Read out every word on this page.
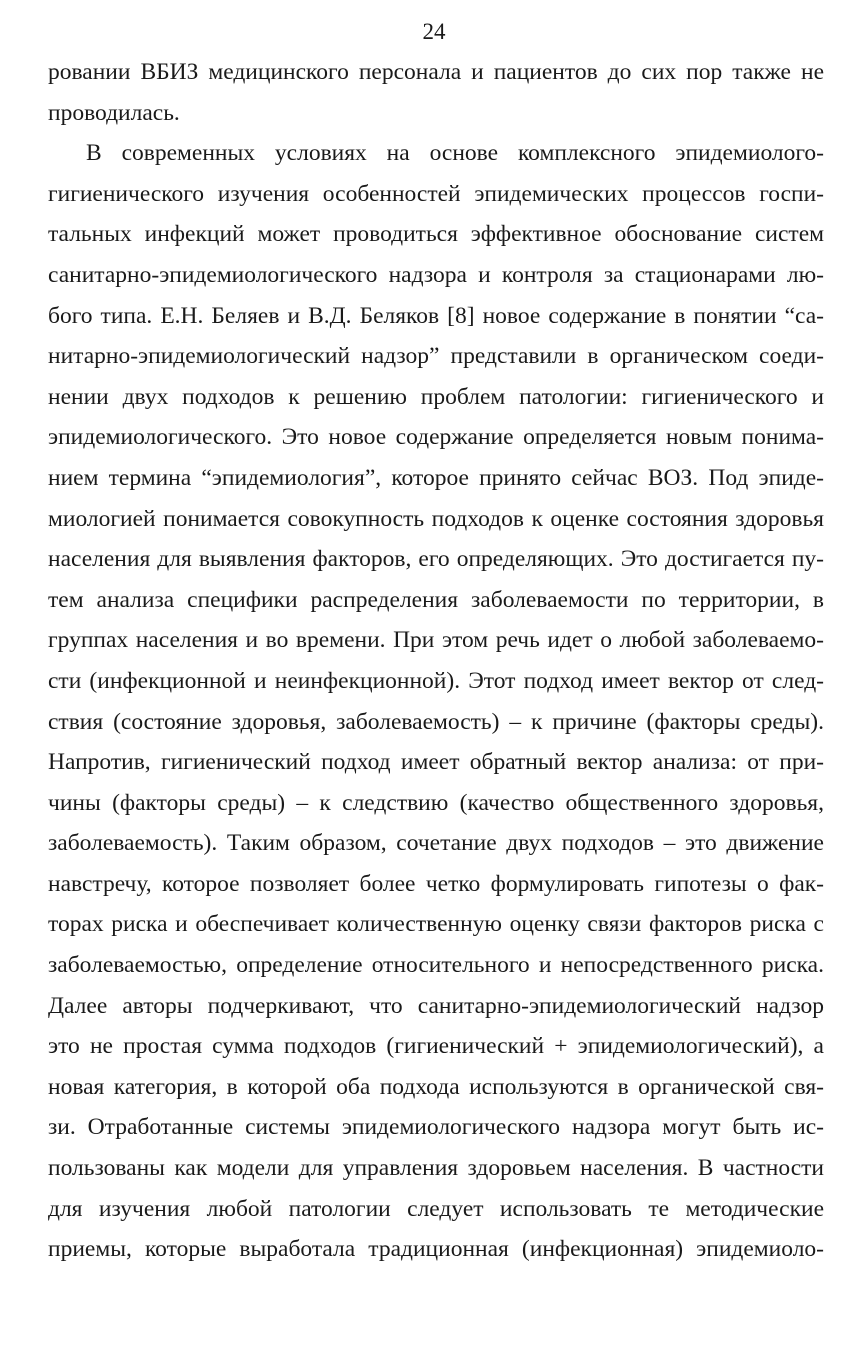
24
ровании ВБИЗ медицинского персонала и пациентов до сих пор также не
проводилась.
В современных условиях на основе комплексного эпидемиолого-
гигиенического изучения особенностей эпидемических процессов госпи-
тальных инфекций может проводиться эффективное обоснование систем
санитарно-эпидемиологического надзора и контроля за стационарами лю-
бого типа. Е.Н. Беляев и В.Д. Беляков [8] новое содержание в понятии “са-
нитарно-эпидемиологический надзор” представили в органическом соеди-
нении двух подходов к решению проблем патологии: гигиенического и
эпидемиологического. Это новое содержание определяется новым понима-
нием термина “эпидемиология”, которое принято сейчас ВОЗ. Под эпиде-
миологией понимается совокупность подходов к оценке состояния здоровья
населения для выявления факторов, его определяющих. Это достигается пу-
тем анализа специфики распределения заболеваемости по территории, в
группах населения и во времени. При этом речь идет о любой заболеваемо-
сти (инфекционной и неинфекционной). Этот подход имеет вектор от след-
ствия (состояние здоровья, заболеваемость) – к причине (факторы среды).
Напротив, гигиенический подход имеет обратный вектор анализа: от при-
чины (факторы среды) – к следствию (качество общественного здоровья,
заболеваемость). Таким образом, сочетание двух подходов – это движение
навстречу, которое позволяет более четко формулировать гипотезы о фак-
торах риска и обеспечивает количественную оценку связи факторов риска с
заболеваемостью, определение относительного и непосредственного риска.
Далее авторы подчеркивают, что санитарно-эпидемиологический надзор
это не простая сумма подходов (гигиенический + эпидемиологический), а
новая категория, в которой оба подхода используются в органической свя-
зи. Отработанные системы эпидемиологического надзора могут быть ис-
пользованы как модели для управления здоровьем населения. В частности
для изучения любой патологии следует использовать те методические
приемы, которые выработала традиционная (инфекционная) эпидемиоло-
